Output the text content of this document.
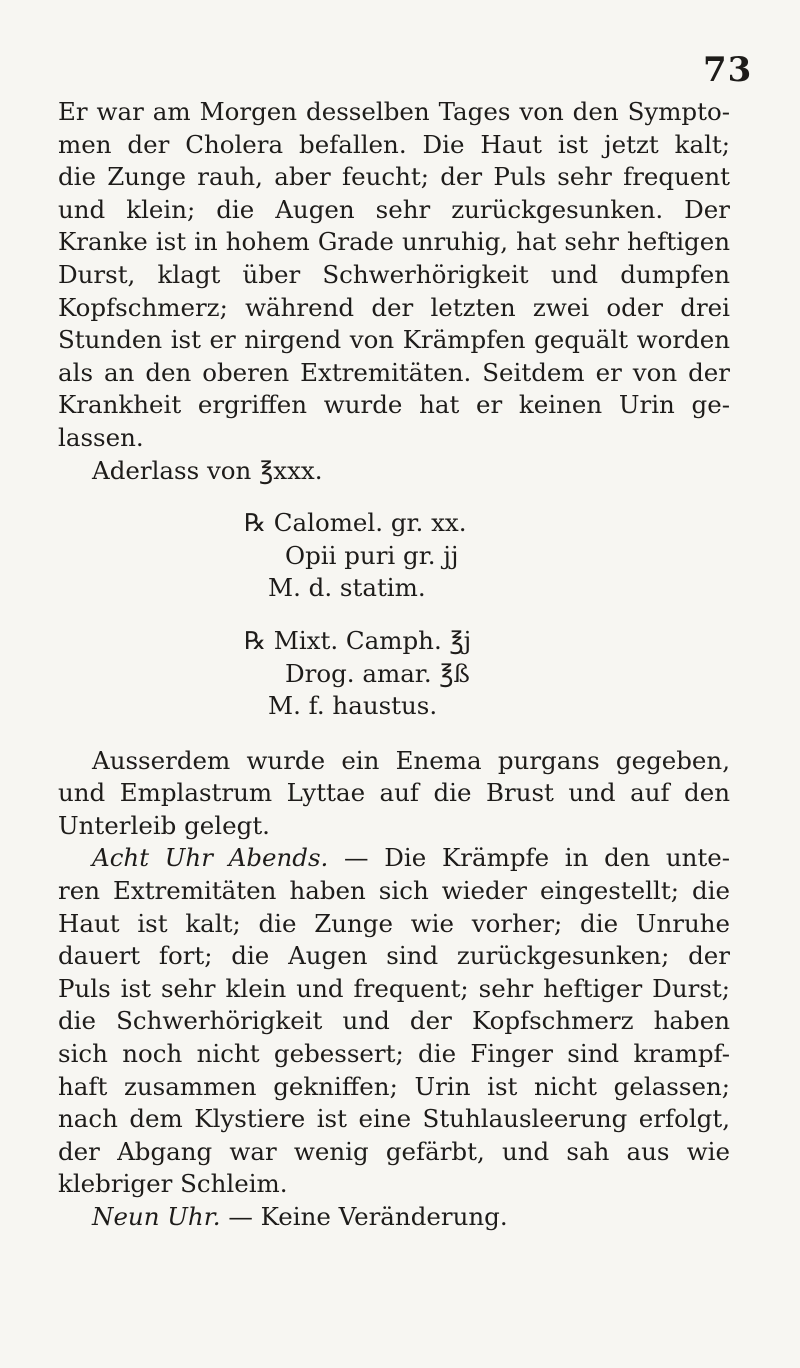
73
Er war am Morgen desselben Tages von den Sympto-
men der Cholera befallen. Die Haut ist jetzt kalt;
die Zunge rauh, aber feucht; der Puls sehr frequent
und klein; die Augen sehr zurückgesunken. Der
Kranke ist in hohem Grade unruhig, hat sehr heftigen
Durst, klagt über Schwerhörigkeit und dumpfen
Kopfschmerz; während der letzten zwei oder drei
Stunden ist er nirgend von Krämpfen gequält worden
als an den oberen Extremitäten. Seitdem er von der
Krankheit ergriffen wurde hat er keinen Urin ge-
lassen.
Aderlass von ℥xxx.
℞ Calomel. gr. xx.
Opii puri gr. jj
M. d. statim.
℞ Mixt. Camph. ℥j
Drog. amar. ℥ß
M. f. haustus.
Ausserdem wurde ein Enema purgans gegeben,
und Emplastrum Lyttae auf die Brust und auf den
Unterleib gelegt.
Acht Uhr Abends. — Die Krämpfe in den unte-
ren Extremitäten haben sich wieder eingestellt; die
Haut ist kalt; die Zunge wie vorher; die Unruhe
dauert fort; die Augen sind zurückgesunken; der
Puls ist sehr klein und frequent; sehr heftiger Durst;
die Schwerhörigkeit und der Kopfschmerz haben
sich noch nicht gebessert; die Finger sind krampf-
haft zusammen gekniffen; Urin ist nicht gelassen;
nach dem Klystiere ist eine Stuhlausleerung erfolgt,
der Abgang war wenig gefärbt, und sah aus wie
klebriger Schleim.
Neun Uhr. — Keine Veränderung.
